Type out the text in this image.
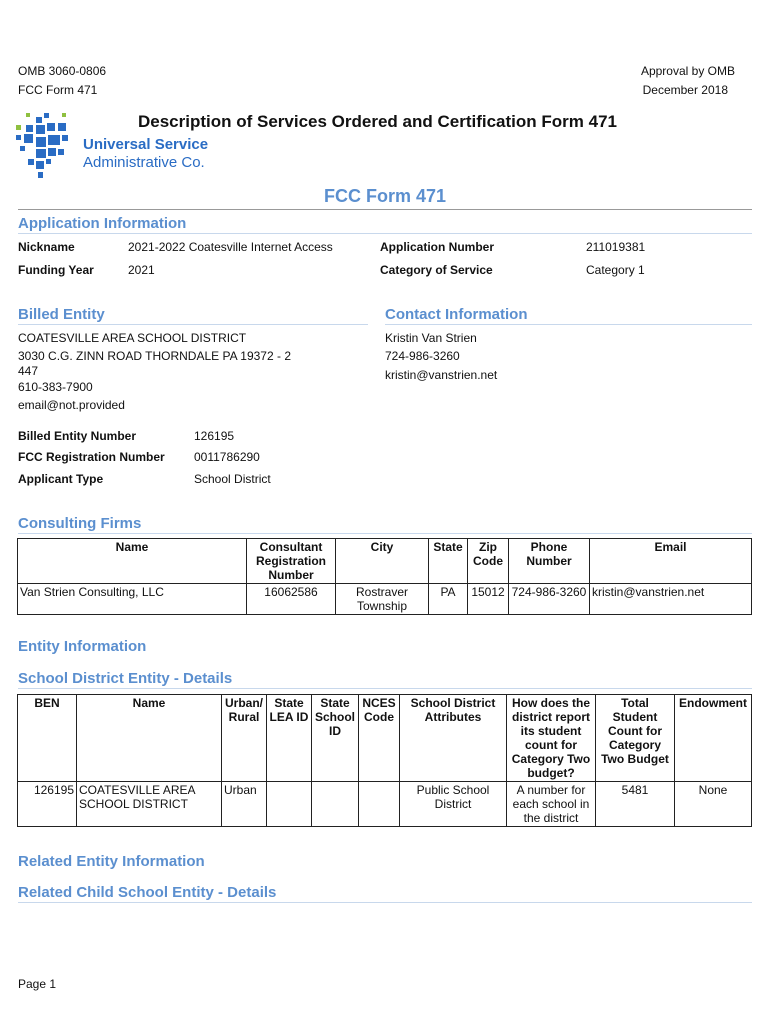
OMB 3060-0806
FCC Form 471
Approval by OMB
December 2018
Description of Services Ordered and Certification Form 471
Universal Service
Administrative Co.
FCC Form 471
Application Information
Nickname	2021-2022 Coatesville Internet Access	Application Number	211019381
Funding Year	2021	Category of Service	Category 1
Billed Entity	Contact Information
COATESVILLE AREA SCHOOL DISTRICT
3030 C.G. ZINN ROAD THORNDALE PA 19372 - 2
447
610-383-7900
email@not.provided
Kristin Van Strien
724-986-3260
kristin@vanstrien.net
Billed Entity Number	126195
FCC Registration Number 0011786290
Applicant Type	School District
Consulting Firms
Name	Consultant Registration Number	City	State	Zip Code	Phone Number	Email
Van Strien Consulting, LLC	16062586	Rostraver Township	PA	15012	724-986-3260	kristin@vanstrien.net
Entity Information
School District Entity - Details
BEN	Name	Urban/ Rural	State LEA ID	State School ID	NCES Code	School District Attributes	How does the district report its student count for Category Two budget?	Total Student Count for Category Two Budget	Endowment
126195	COATESVILLE AREA SCHOOL DISTRICT	Urban				Public School District	A number for each school in the district	5481	None
Related Entity Information
Related Child School Entity - Details
Page 1
